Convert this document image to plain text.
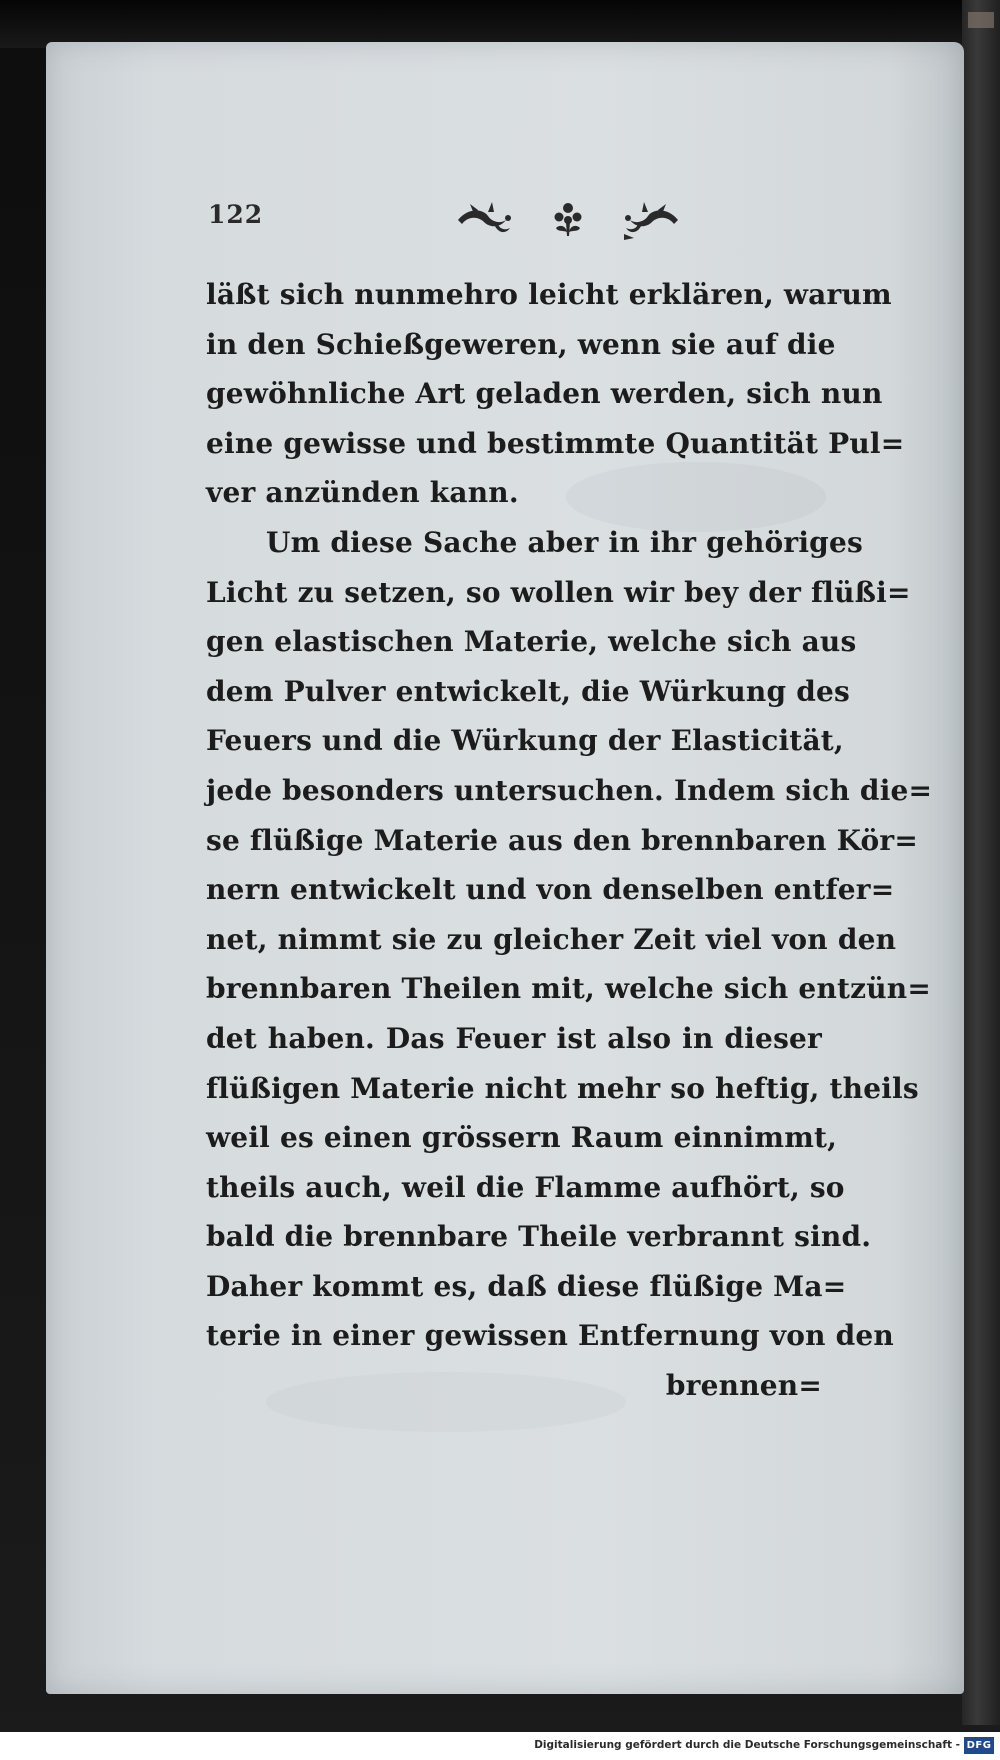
122
läßt sich nunmehro leicht erklären, warum
in den Schießgeweren, wenn sie auf die
gewöhnliche Art geladen werden, sich nun
eine gewisse und bestimmte Quantität Pul=
ver anzünden kann.
Um diese Sache aber in ihr gehöriges
Licht zu setzen, so wollen wir bey der flüßi=
gen elastischen Materie, welche sich aus
dem Pulver entwickelt, die Würkung des
Feuers und die Würkung der Elasticität,
jede besonders untersuchen. Indem sich die=
se flüßige Materie aus den brennbaren Kör=
nern entwickelt und von denselben entfer=
net, nimmt sie zu gleicher Zeit viel von den
brennbaren Theilen mit, welche sich entzün=
det haben. Das Feuer ist also in dieser
flüßigen Materie nicht mehr so heftig, theils
weil es einen grössern Raum einnimmt,
theils auch, weil die Flamme aufhört, so
bald die brennbare Theile verbrannt sind.
Daher kommt es, daß diese flüßige Ma=
terie in einer gewissen Entfernung von den
brennen=
Digitalisierung gefördert durch die Deutsche Forschungsgemeinschaft - DFG
